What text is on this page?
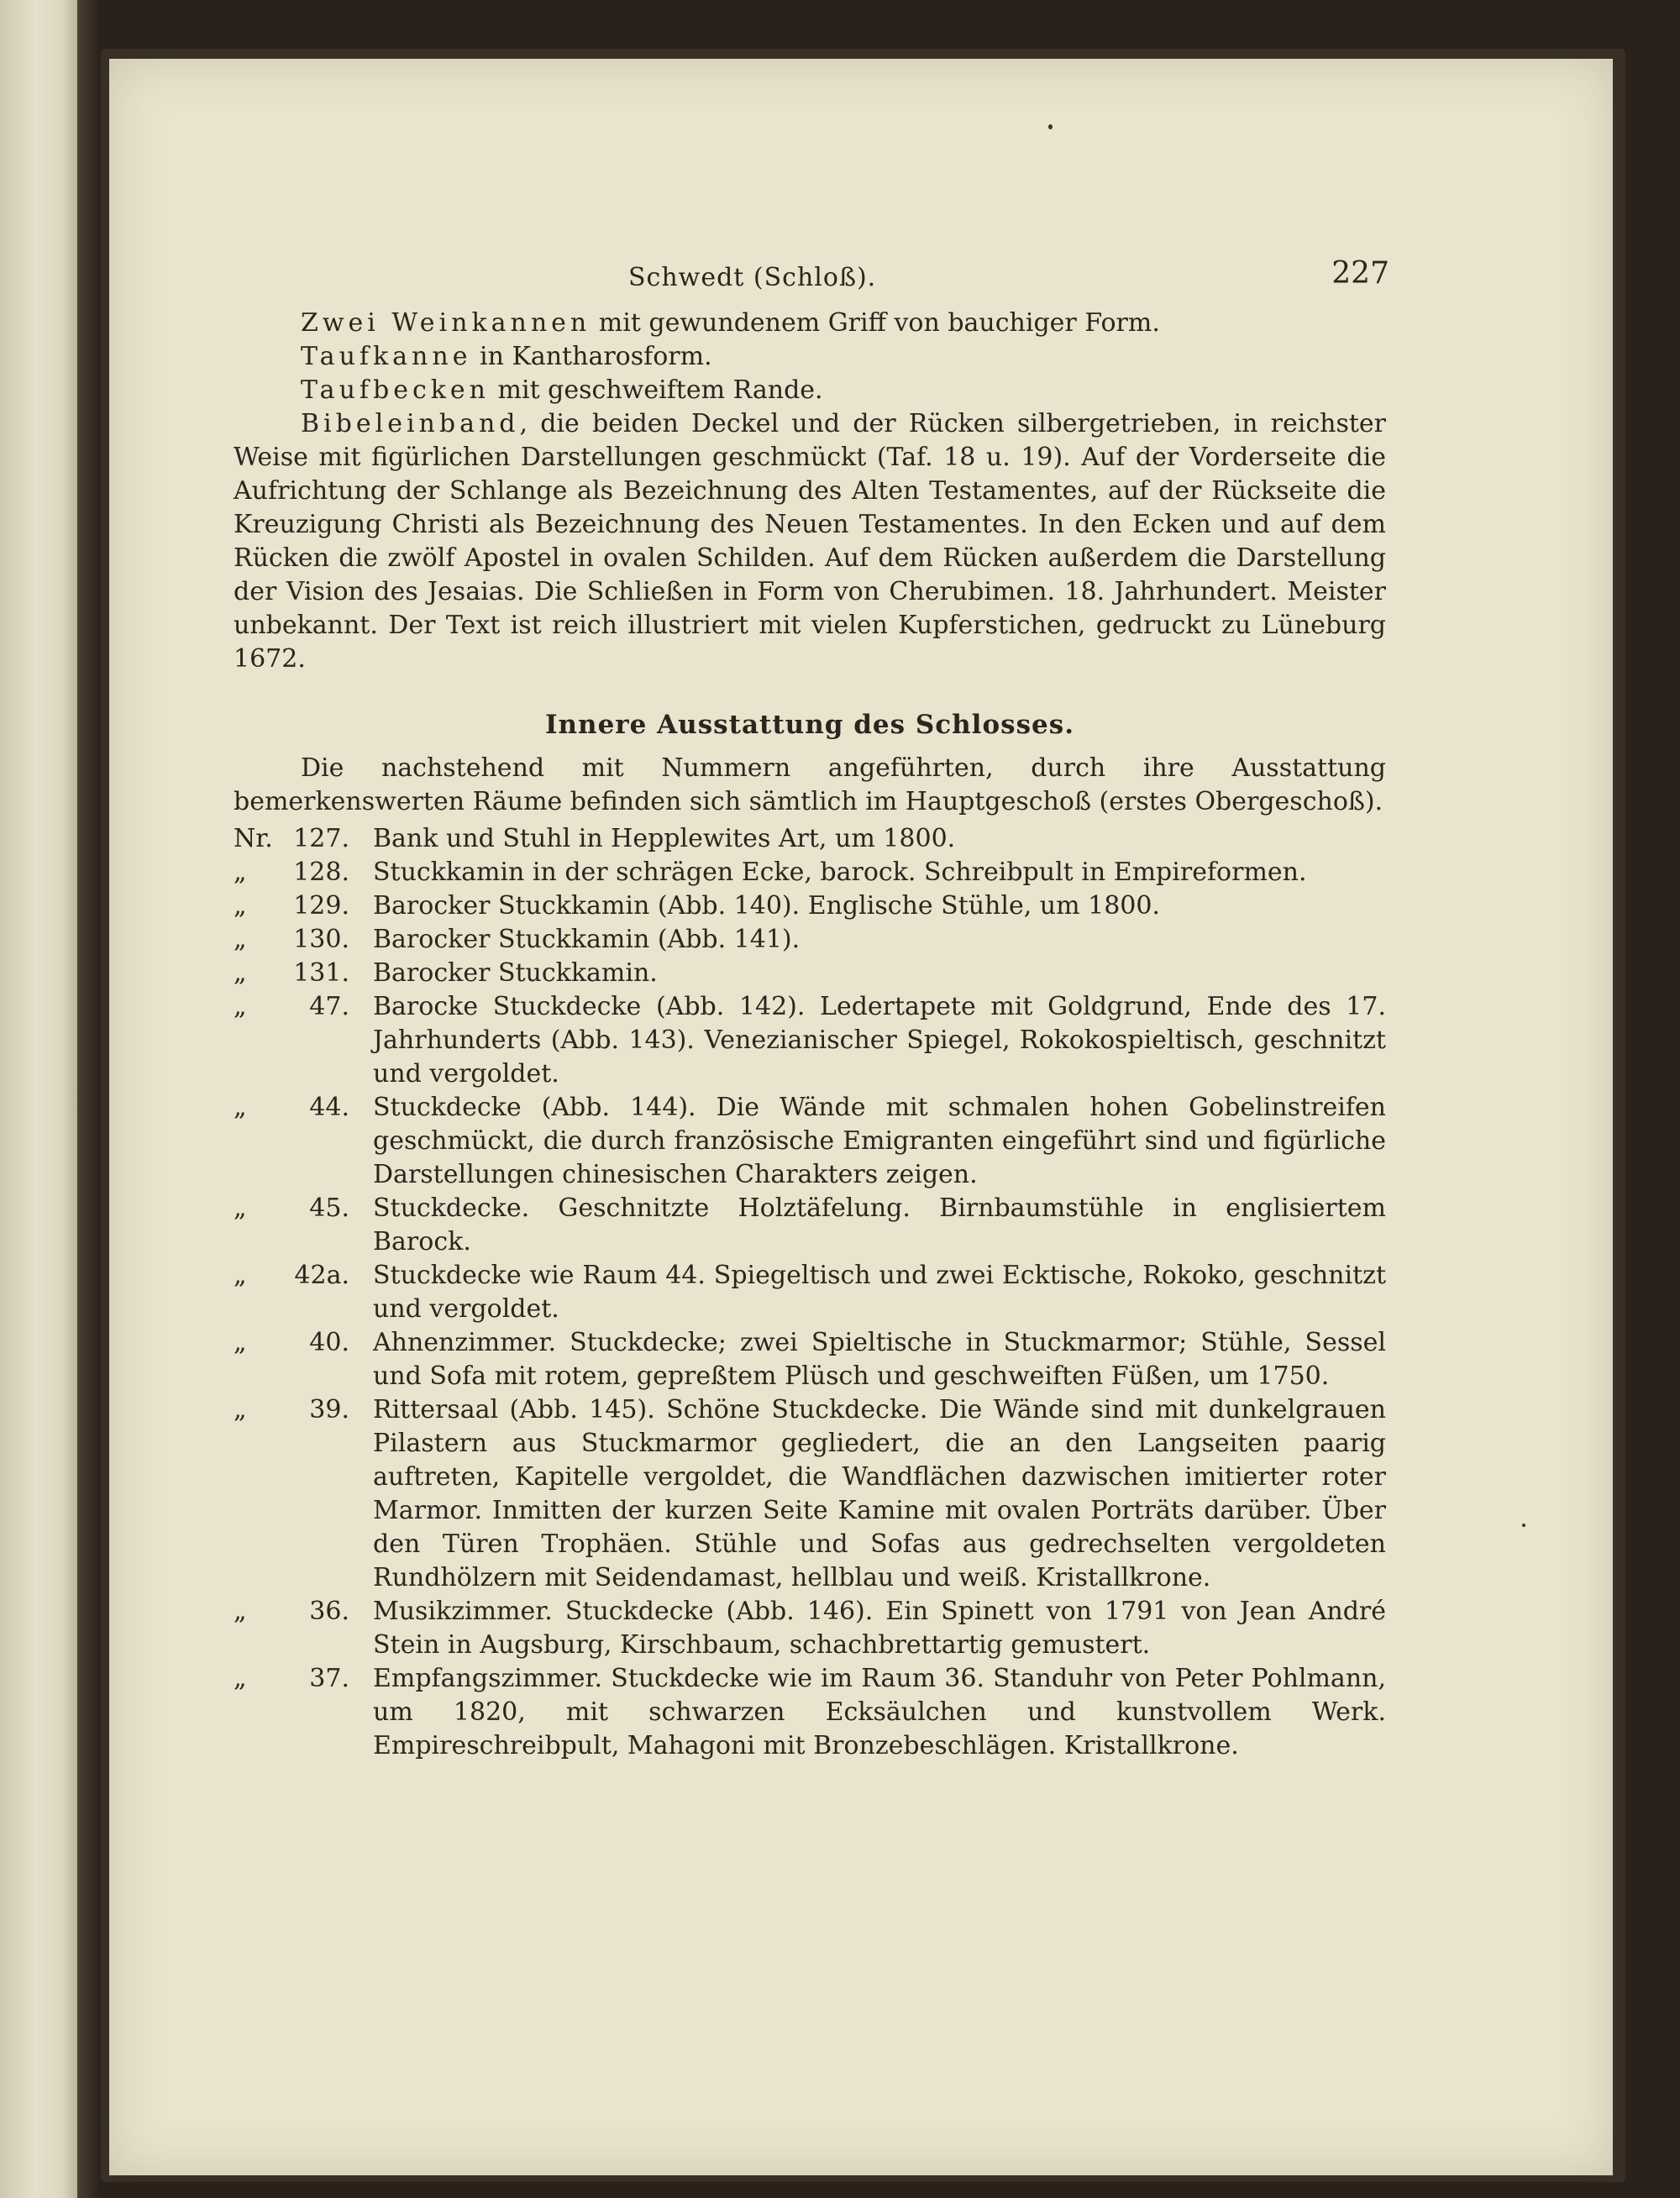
Schwedt (Schloß).	227

Zwei Weinkannen mit gewundenem Griff von bauchiger Form.

Taufkanne in Kantharosform.

Taufbecken mit geschweiftem Rande.

Bibeleinband, die beiden Deckel und der Rücken silbergetrieben, in reichster Weise mit figürlichen Darstellungen geschmückt (Taf. 18 u. 19). Auf der Vorderseite die Aufrichtung der Schlange als Bezeichnung des Alten Testamentes, auf der Rückseite die Kreuzigung Christi als Bezeichnung des Neuen Testamentes. In den Ecken und auf dem Rücken die zwölf Apostel in ovalen Schilden. Auf dem Rücken außerdem die Darstellung der Vision des Jesaias. Die Schließen in Form von Cherubimen. 18. Jahrhundert. Meister unbekannt. Der Text ist reich illustriert mit vielen Kupferstichen, gedruckt zu Lüneburg 1672.

Innere Ausstattung des Schlosses.

Die nachstehend mit Nummern angeführten, durch ihre Ausstattung bemerkenswerten Räume befinden sich sämtlich im Hauptgeschoß (erstes Obergeschoß).

Nr. 127. Bank und Stuhl in Hepplewites Art, um 1800.
„	128. Stuckkamin in der schrägen Ecke, barock. Schreibpult in Empireformen.
„	129. Barocker Stuckkamin (Abb. 140). Englische Stühle, um 1800.
„	130. Barocker Stuckkamin (Abb. 141).
„	131. Barocker Stuckkamin.
„	47. Barocke Stuckdecke (Abb. 142). Ledertapete mit Goldgrund, Ende des 17. Jahrhunderts (Abb. 143). Venezianischer Spiegel, Rokokospieltisch, geschnitzt und vergoldet.
„	44. Stuckdecke (Abb. 144). Die Wände mit schmalen hohen Gobelinstreifen geschmückt, die durch französische Emigranten eingeführt sind und figürliche Darstellungen chinesischen Charakters zeigen.
„	45. Stuckdecke. Geschnitzte Holztäfelung. Birnbaumstühle in englisiertem Barock.
„	42a. Stuckdecke wie Raum 44. Spiegeltisch und zwei Ecktische, Rokoko, geschnitzt und vergoldet.
„	40. Ahnenzimmer. Stuckdecke; zwei Spieltische in Stuckmarmor; Stühle, Sessel und Sofa mit rotem, gepreßtem Plüsch und geschweiften Füßen, um 1750.
„	39. Rittersaal (Abb. 145). Schöne Stuckdecke. Die Wände sind mit dunkelgrauen Pilastern aus Stuckmarmor gegliedert, die an den Langseiten paarig auftreten, Kapitelle vergoldet, die Wandflächen dazwischen imitierter roter Marmor. Inmitten der kurzen Seite Kamine mit ovalen Porträts darüber. Über den Türen Trophäen. Stühle und Sofas aus gedrechselten vergoldeten Rundhölzern mit Seidendamast, hellblau und weiß. Kristallkrone.
„	36. Musikzimmer. Stuckdecke (Abb. 146). Ein Spinett von 1791 von Jean André Stein in Augsburg, Kirschbaum, schachbrettartig gemustert.
„	37. Empfangszimmer. Stuckdecke wie im Raum 36. Standuhr von Peter Pohlmann, um 1820, mit schwarzen Ecksäulchen und kunstvollem Werk. Empireschreibpult, Mahagoni mit Bronzebeschlägen. Kristallkrone.
